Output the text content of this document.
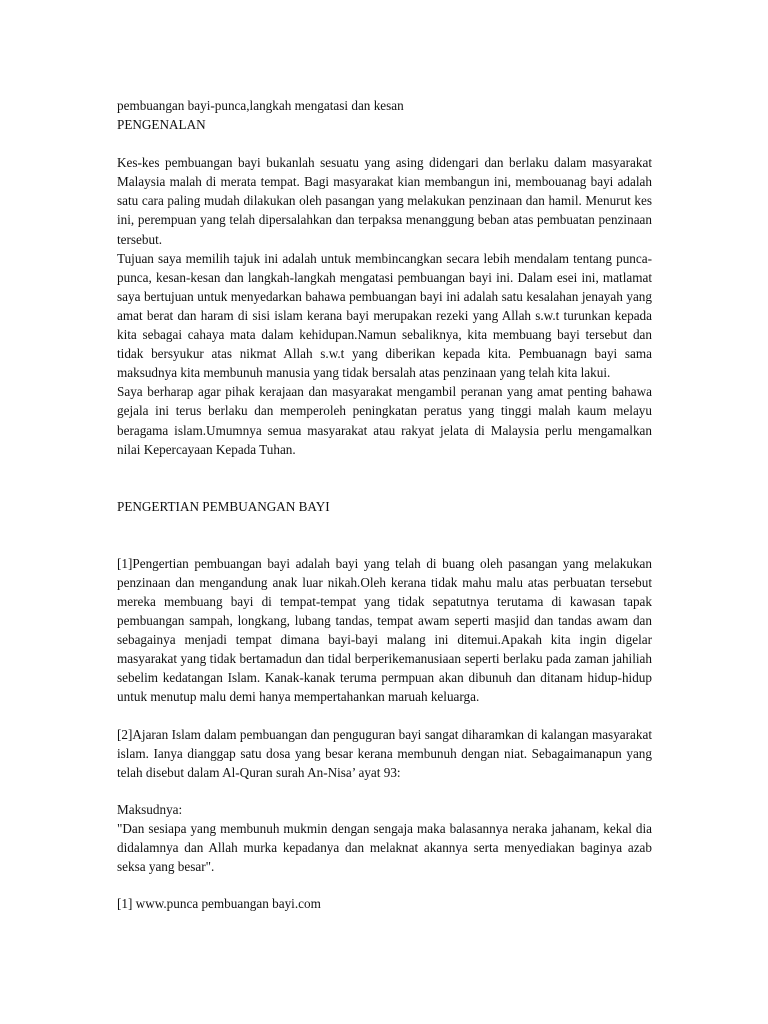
pembuangan bayi-punca,langkah mengatasi dan kesan

PENGENALAN

Kes-kes pembuangan bayi bukanlah sesuatu yang asing didengari dan berlaku dalam masyarakat Malaysia malah di merata tempat. Bagi masyarakat kian membangun ini, membouanag bayi adalah satu cara paling mudah dilakukan oleh pasangan yang melakukan penzinaan dan hamil. Menurut kes ini, perempuan yang telah dipersalahkan dan terpaksa menanggung beban atas pembuatan penzinaan tersebut.

Tujuan saya memilih tajuk ini adalah untuk membincangkan secara lebih mendalam tentang punca-punca, kesan-kesan dan langkah-langkah mengatasi pembuangan bayi ini. Dalam esei ini, matlamat saya bertujuan untuk menyedarkan bahawa pembuangan bayi ini adalah satu kesalahan jenayah yang amat berat dan haram di sisi islam kerana bayi merupakan rezeki yang Allah s.w.t turunkan kepada kita sebagai cahaya mata dalam kehidupan.Namun sebaliknya, kita membuang bayi tersebut dan tidak bersyukur atas nikmat Allah s.w.t yang diberikan kepada kita. Pembuanagn bayi sama maksudnya kita membunuh manusia yang tidak bersalah atas penzinaan yang telah kita lakui.

Saya berharap agar pihak kerajaan dan masyarakat mengambil peranan yang amat penting bahawa gejala ini terus berlaku dan memperoleh peningkatan peratus yang tinggi malah kaum melayu beragama islam.Umumnya semua masyarakat atau rakyat jelata di Malaysia perlu mengamalkan nilai Kepercayaan Kepada Tuhan.

PENGERTIAN PEMBUANGAN BAYI

[1]Pengertian pembuangan bayi adalah bayi yang telah di buang oleh pasangan yang melakukan penzinaan dan mengandung anak luar nikah.Oleh kerana tidak mahu malu atas perbuatan tersebut mereka membuang bayi di tempat-tempat yang tidak sepatutnya terutama di kawasan tapak pembuangan sampah, longkang, lubang tandas, tempat awam seperti masjid dan tandas awam dan sebagainya menjadi tempat dimana bayi-bayi malang ini ditemui.Apakah kita ingin digelar masyarakat yang tidak bertamadun dan tidal berperikemanusiaan seperti berlaku pada zaman jahiliah sebelim kedatangan Islam. Kanak-kanak teruma permpuan akan dibunuh dan ditanam hidup-hidup untuk menutup malu demi hanya mempertahankan maruah keluarga.

[2]Ajaran Islam dalam pembuangan dan penguguran bayi sangat diharamkan di kalangan masyarakat islam. Ianya dianggap satu dosa yang besar kerana membunuh dengan niat. Sebagaimanapun yang telah disebut dalam Al-Quran surah An-Nisa’ ayat 93:

Maksudnya:

"Dan sesiapa yang membunuh mukmin dengan sengaja maka balasannya neraka jahanam, kekal dia didalamnya dan Allah murka kepadanya dan melaknat akannya serta menyediakan baginya azab seksa yang besar".

[1] www.punca pembuangan bayi.com
